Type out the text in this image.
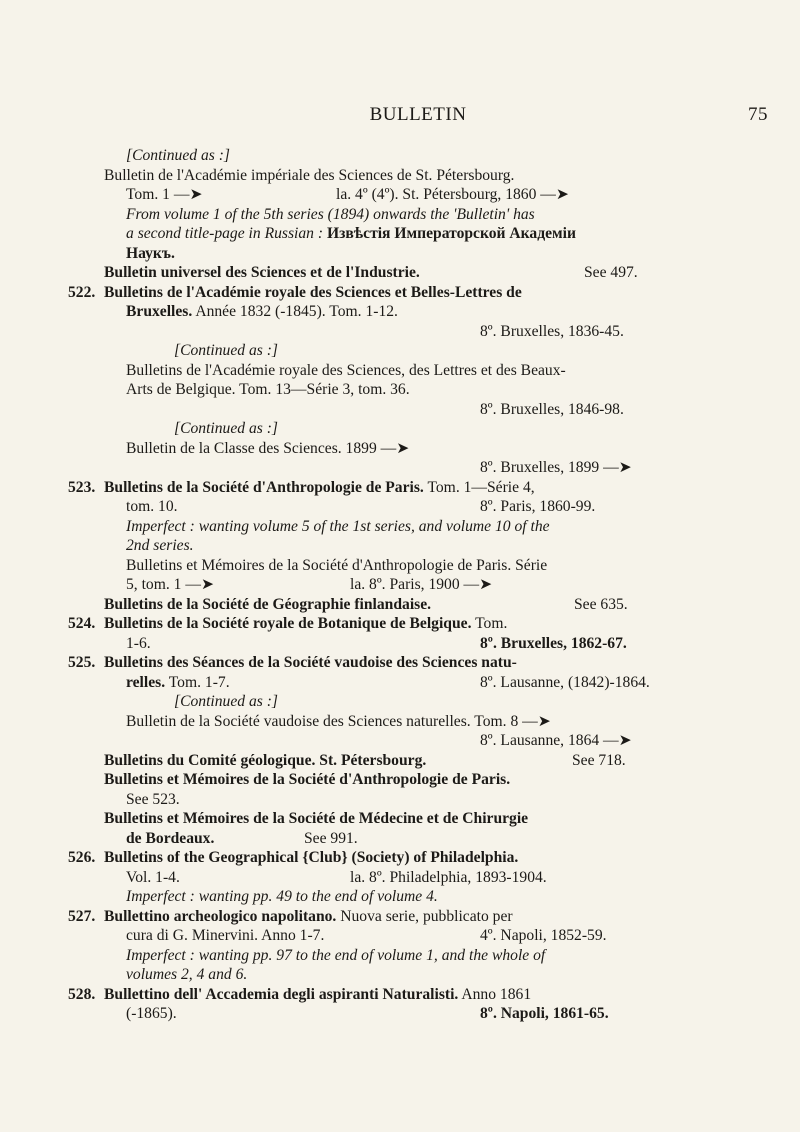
BULLETIN	75
[Continued as :]
Bulletin de l'Académie impériale des Sciences de St. Pétersbourg.
Tom. 1 —➤	la. 4º (4º). St. Pétersbourg, 1860 —➤
From volume 1 of the 5th series (1894) onwards the 'Bulletin' has
a second title-page in Russian : Извѣстія Императорской Академіи
Наукъ.
Bulletin universel des Sciences et de l'Industrie.	See 497.
522. Bulletins de l'Académie royale des Sciences et Belles-Lettres de
Bruxelles. Année 1832 (-1845). Tom. 1-12.
8º. Bruxelles, 1836-45.
[Continued as :]
Bulletins de l'Académie royale des Sciences, des Lettres et des Beaux-
Arts de Belgique. Tom. 13—Série 3, tom. 36.
8º. Bruxelles, 1846-98.
[Continued as :]
Bulletin de la Classe des Sciences. 1899 —➤
8º. Bruxelles, 1899 —➤
523. Bulletins de la Société d'Anthropologie de Paris. Tom. 1—Série 4,
tom. 10.	8º. Paris, 1860-99.
Imperfect : wanting volume 5 of the 1st series, and volume 10 of the
2nd series.
Bulletins et Mémoires de la Société d'Anthropologie de Paris. Série
5, tom. 1 —➤	la. 8º. Paris, 1900 —➤
Bulletins de la Société de Géographie finlandaise.	See 635.
524. Bulletins de la Société royale de Botanique de Belgique. Tom.
1-6.	8º. Bruxelles, 1862-67.
525. Bulletins des Séances de la Société vaudoise des Sciences natu-
relles. Tom. 1-7.	8º. Lausanne, (1842)-1864.
[Continued as :]
Bulletin de la Société vaudoise des Sciences naturelles. Tom. 8 —➤
8º. Lausanne, 1864 —➤
Bulletins du Comité géologique. St. Pétersbourg.	See 718.
Bulletins et Mémoires de la Société d'Anthropologie de Paris.
See 523.
Bulletins et Mémoires de la Société de Médecine et de Chirurgie
de Bordeaux.	See 991.
526. Bulletins of the Geographical {Club} (Society) of Philadelphia.
Vol. 1-4.	la. 8º. Philadelphia, 1893-1904.
Imperfect : wanting pp. 49 to the end of volume 4.
527. Bullettino archeologico napolitano. Nuova serie, pubblicato per
cura di G. Minervini. Anno 1-7.	4º. Napoli, 1852-59.
Imperfect : wanting pp. 97 to the end of volume 1, and the whole of
volumes 2, 4 and 6.
528. Bullettino dell' Accademia degli aspiranti Naturalisti. Anno 1861
(-1865).	8º. Napoli, 1861-65.
